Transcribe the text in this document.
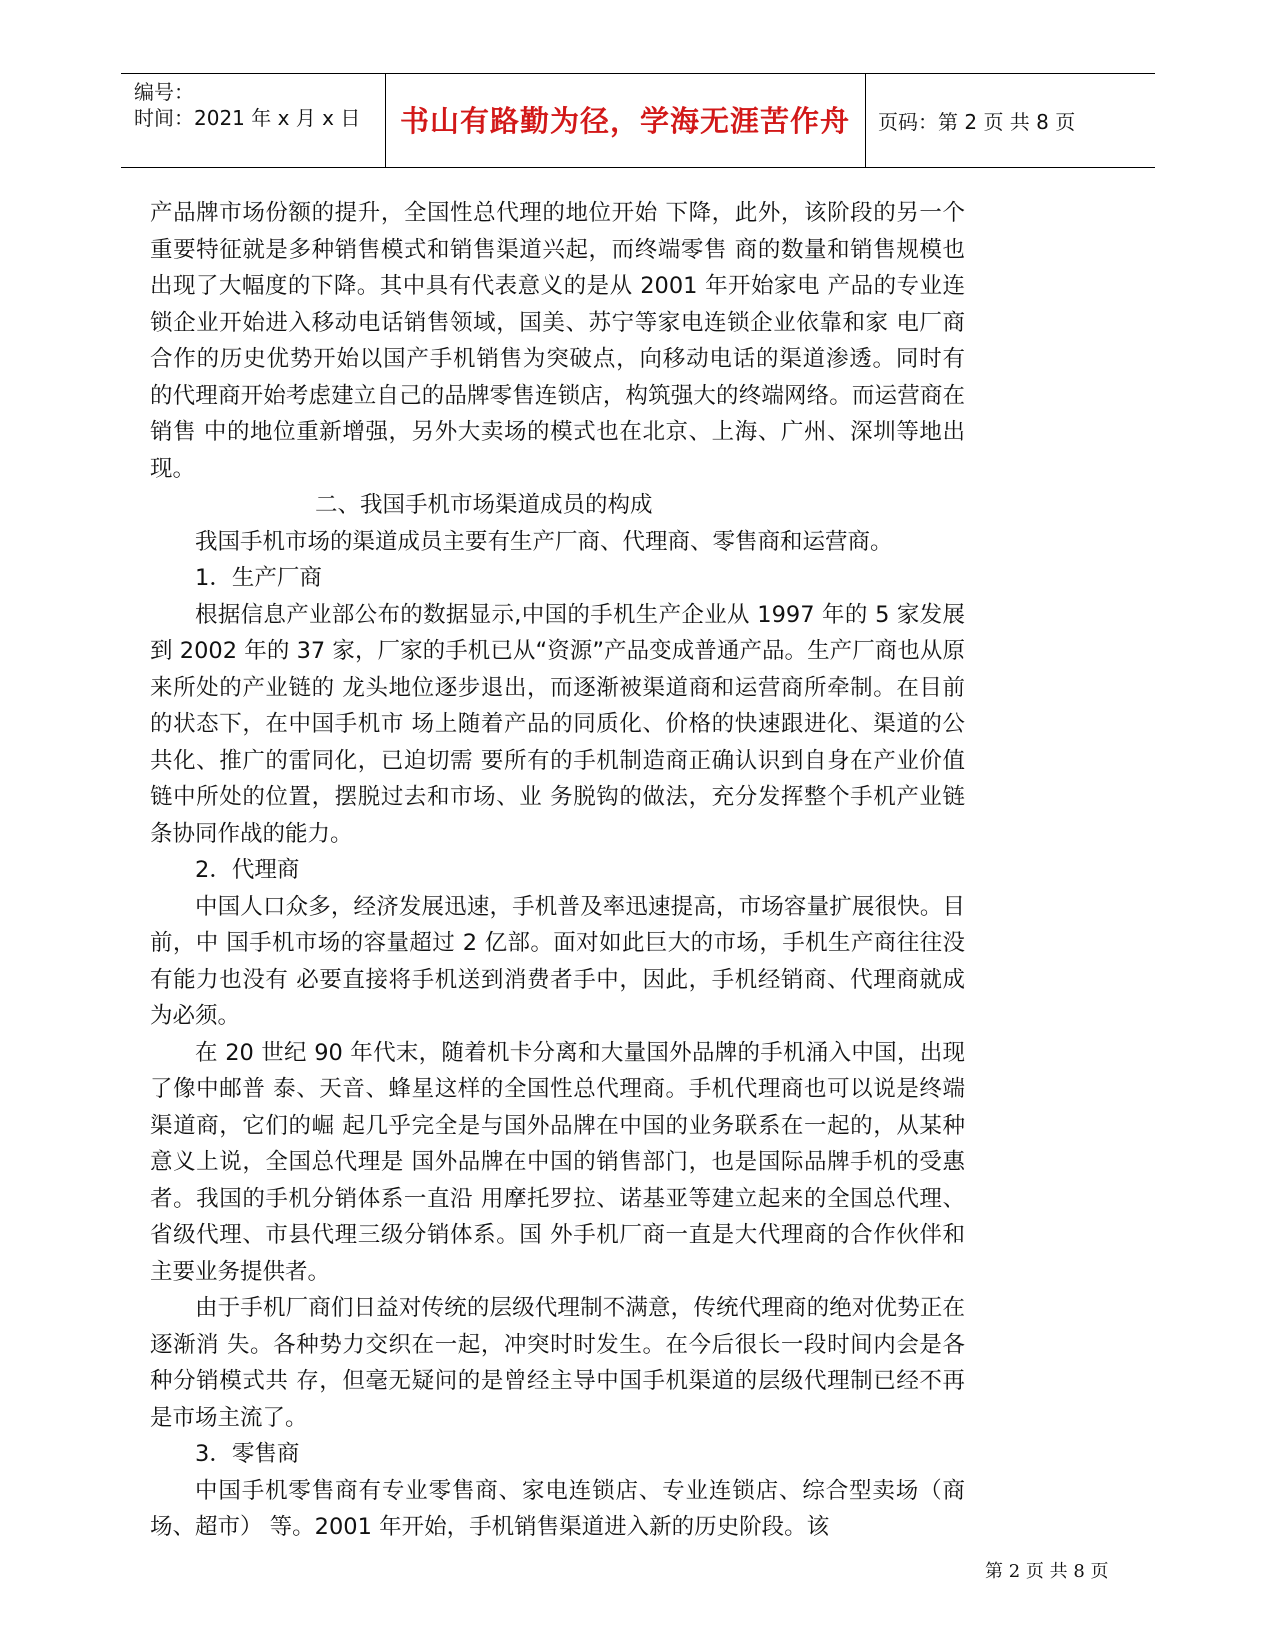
编号：
时间：2021 年 x 月 x 日	书山有路勤为径，学海无涯苦作舟	页码：第 2 页 共 8 页

产品牌市场份额的提升，全国性总代理的地位开始 下降，此外，该阶段的另一个重要特征就是多种销售模式和销售渠道兴起，而终端零售 商的数量和销售规模也出现了大幅度的下降。其中具有代表意义的是从 2001 年开始家电 产品的专业连锁企业开始进入移动电话销售领域，国美、苏宁等家电连锁企业依靠和家 电厂商合作的历史优势开始以国产手机销售为突破点，向移动电话的渠道渗透。同时有 的代理商开始考虑建立自己的品牌零售连锁店，构筑强大的终端网络。而运营商在销售 中的地位重新增强，另外大卖场的模式也在北京、上海、广州、深圳等地出现。

二、我国手机市场渠道成员的构成

我国手机市场的渠道成员主要有生产厂商、代理商、零售商和运营商。

1．生产厂商

根据信息产业部公布的数据显示,中国的手机生产企业从 1997 年的 5 家发展到 2002 年的 37 家，厂家的手机已从“资源”产品变成普通产品。生产厂商也从原来所处的产业链的 龙头地位逐步退出，而逐渐被渠道商和运营商所牵制。在目前的状态下，在中国手机市 场上随着产品的同质化、价格的快速跟进化、渠道的公共化、推广的雷同化，已迫切需 要所有的手机制造商正确认识到自身在产业价值链中所处的位置，摆脱过去和市场、业 务脱钩的做法，充分发挥整个手机产业链条协同作战的能力。

2．代理商

中国人口众多，经济发展迅速，手机普及率迅速提高，市场容量扩展很快。目前，中 国手机市场的容量超过 2 亿部。面对如此巨大的市场，手机生产商往往没有能力也没有 必要直接将手机送到消费者手中，因此，手机经销商、代理商就成为必须。

在 20 世纪 90 年代末，随着机卡分离和大量国外品牌的手机涌入中国，出现了像中邮普 泰、天音、蜂星这样的全国性总代理商。手机代理商也可以说是终端渠道商，它们的崛 起几乎完全是与国外品牌在中国的业务联系在一起的，从某种意义上说，全国总代理是 国外品牌在中国的销售部门，也是国际品牌手机的受惠者。我国的手机分销体系一直沿 用摩托罗拉、诺基亚等建立起来的全国总代理、省级代理、市县代理三级分销体系。国 外手机厂商一直是大代理商的合作伙伴和主要业务提供者。

由于手机厂商们日益对传统的层级代理制不满意，传统代理商的绝对优势正在逐渐消 失。各种势力交织在一起，冲突时时发生。在今后很长一段时间内会是各种分销模式共 存，但毫无疑问的是曾经主导中国手机渠道的层级代理制已经不再是市场主流了。

3．零售商

中国手机零售商有专业零售商、家电连锁店、专业连锁店、综合型卖场（商场、超市） 等。2001 年开始，手机销售渠道进入新的历史阶段。该

第 2 页 共 8 页
